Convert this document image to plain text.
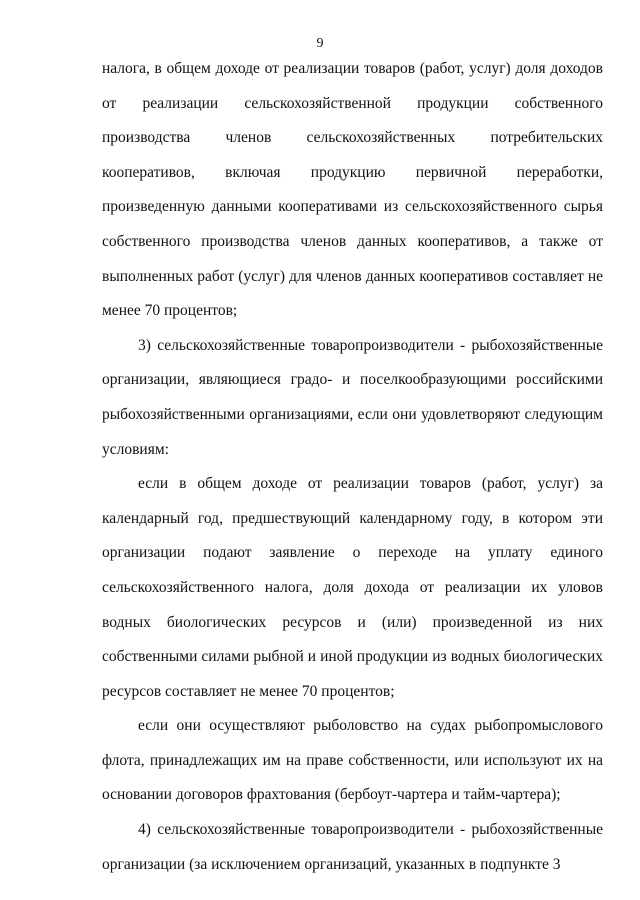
9

налога, в общем доходе от реализации товаров (работ, услуг) доля доходов от реализации сельскохозяйственной продукции собственного производства членов сельскохозяйственных потребительских кооперативов, включая продукцию первичной переработки, произведенную данными кооперативами из сельскохозяйственного сырья собственного производства членов данных кооперативов, а также от выполненных работ (услуг) для членов данных кооперативов составляет не менее 70 процентов;

3) сельскохозяйственные товаропроизводители - рыбохозяйственные организации, являющиеся градо- и поселкообразующими российскими рыбохозяйственными организациями, если они удовлетворяют следующим условиям:

если в общем доходе от реализации товаров (работ, услуг) за календарный год, предшествующий календарному году, в котором эти организации подают заявление о переходе на уплату единого сельскохозяйственного налога, доля дохода от реализации их уловов водных биологических ресурсов и (или) произведенной из них собственными силами рыбной и иной продукции из водных биологических ресурсов составляет не менее 70 процентов;

если они осуществляют рыболовство на судах рыбопромыслового флота, принадлежащих им на праве собственности, или используют их на основании договоров фрахтования (бербоут-чартера и тайм-чартера);

4) сельскохозяйственные товаропроизводители - рыбохозяйственные организации (за исключением организаций, указанных в подпункте 3
